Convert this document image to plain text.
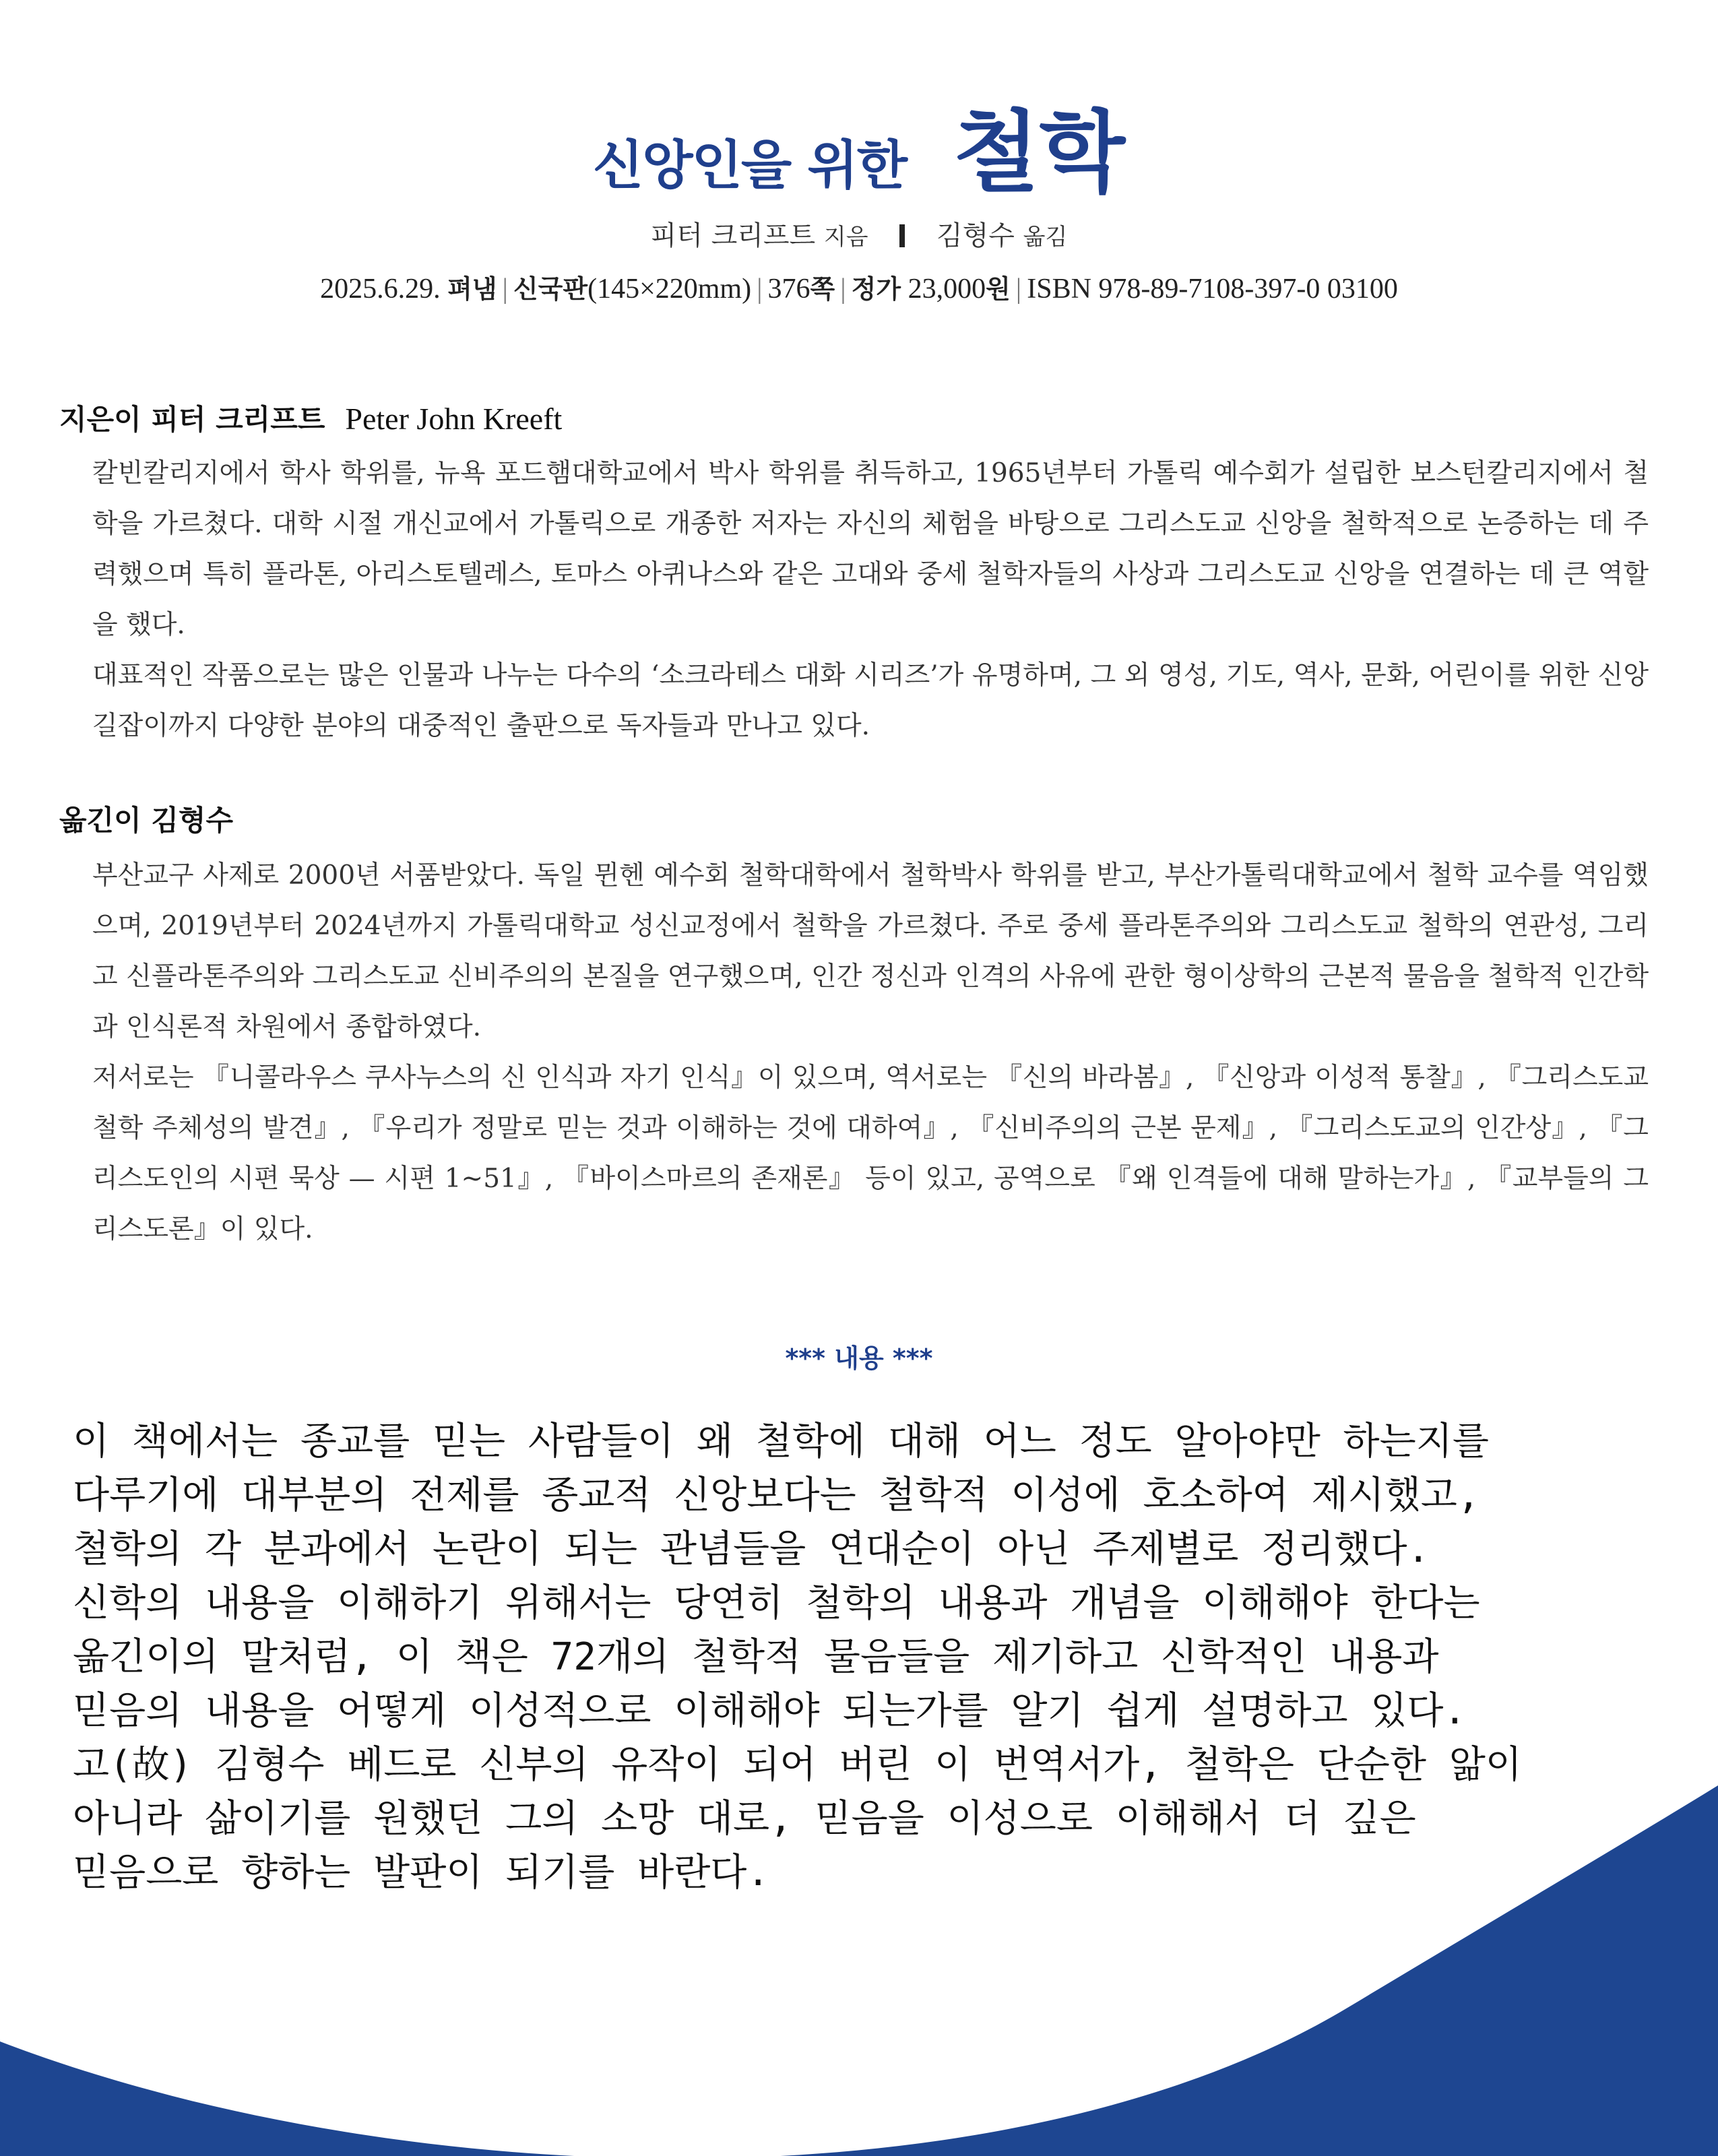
신앙인을 위한 철학
피터 크리프트 지음	김형수 옮김
2025.6.29. 펴냄 | 신국판(145×220mm) | 376쪽 | 정가 23,000원 | ISBN 978-89-7108-397-0 03100
지은이 피터 크리프트 Peter John Kreeft

칼빈칼리지에서 학사 학위를, 뉴욕 포드햄대학교에서 박사 학위를 취득하고, 1965년부터 가톨릭 예수회가 설립한 보스턴칼리지에서 철학을 가르쳤다. 대학 시절 개신교에서 가톨릭으로 개종한 저자는 자신의 체험을 바탕으로 그리스도교 신앙을 철학적으로 논증하는 데 주력했으며 특히 플라톤, 아리스토텔레스, 토마스 아퀴나스와 같은 고대와 중세 철학자들의 사상과 그리스도교 신앙을 연결하는 데 큰 역할을 했다.

대표적인 작품으로는 많은 인물과 나누는 다수의 ‘소크라테스 대화 시리즈’가 유명하며, 그 외 영성, 기도, 역사, 문화, 어린이를 위한 신앙 길잡이까지 다양한 분야의 대중적인 출판으로 독자들과 만나고 있다.

옮긴이 김형수

부산교구 사제로 2000년 서품받았다. 독일 뮌헨 예수회 철학대학에서 철학박사 학위를 받고, 부산가톨릭대학교에서 철학 교수를 역임했으며, 2019년부터 2024년까지 가톨릭대학교 성신교정에서 철학을 가르쳤다. 주로 중세 플라톤주의와 그리스도교 철학의 연관성, 그리고 신플라톤주의와 그리스도교 신비주의의 본질을 연구했으며, 인간 정신과 인격의 사유에 관한 형이상학의 근본적 물음을 철학적 인간학과 인식론적 차원에서 종합하였다.

저서로는 『니콜라우스 쿠사누스의 신 인식과 자기 인식』이 있으며, 역서로는 『신의 바라봄』, 『신앙과 이성적 통찰』, 『그리스도교 철학 주체성의 발견』, 『우리가 정말로 믿는 것과 이해하는 것에 대하여』, 『신비주의의 근본 문제』, 『그리스도교의 인간상』, 『그리스도인의 시편 묵상 — 시편 1~51』, 『바이스마르의 존재론』 등이 있고, 공역으로 『왜 인격들에 대해 말하는가』, 『교부들의 그리스도론』이 있다.

*** 내용 ***
이 책에서는 종교를 믿는 사람들이 왜 철학에 대해 어느 정도 알아야만 하는지를
다루기에 대부분의 전제를 종교적 신앙보다는 철학적 이성에 호소하여 제시했고,
철학의 각 분과에서 논란이 되는 관념들을 연대순이 아닌 주제별로 정리했다.
신학의 내용을 이해하기 위해서는 당연히 철학의 내용과 개념을 이해해야 한다는
옮긴이의 말처럼, 이 책은 72개의 철학적 물음들을 제기하고 신학적인 내용과
믿음의 내용을 어떻게 이성적으로 이해해야 되는가를 알기 쉽게 설명하고 있다.
고(故) 김형수 베드로 신부의 유작이 되어 버린 이 번역서가, 철학은 단순한 앎이
아니라 삶이기를 원했던 그의 소망 대로, 믿음을 이성으로 이해해서 더 깊은
믿음으로 향하는 발판이 되기를 바란다.
